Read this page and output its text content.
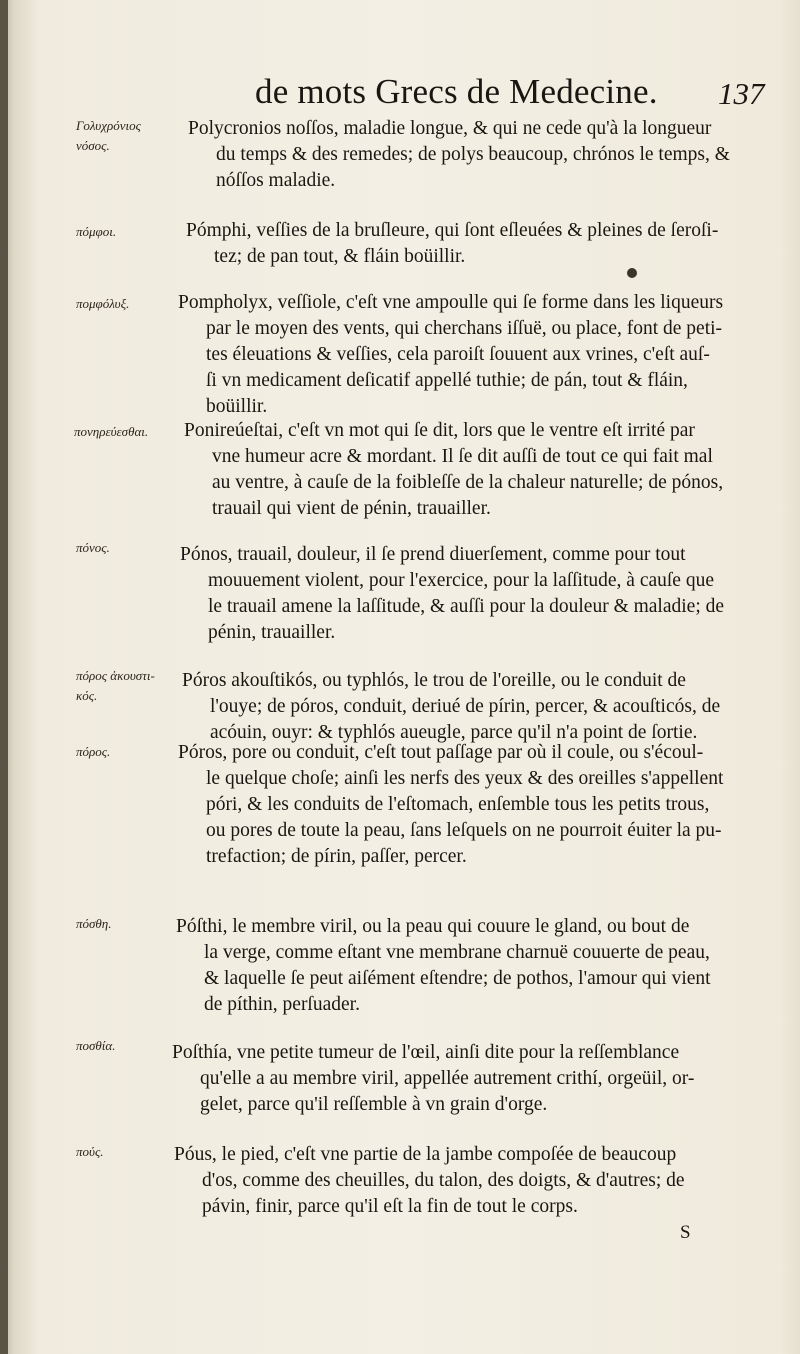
de mots Grecs de Medecine. 137
Γολυχρόνιος
νόσος.
Polycronios noſſos, maladie longue, & qui ne cede qu'à la longueur
du temps & des remedes; de polys beaucoup, chrónos le temps, &
nóſſos maladie.
πόμφοι.	Pómphi, veſſies de la bruſleure, qui ſont eſleuées & pleines de ſeroſi-
tez; de pan tout, & fláin boüillir.
πομφόλυξ. Pompholyx, veſſiole, c'eſt vne ampoulle qui ſe forme dans les liqueurs
par le moyen des vents, qui cherchans iſſuë, ou place, font de peti-
tes éleuations & veſſies, cela paroiſt ſouuent aux vrines, c'eſt auſ-
ſi vn medicament deſicatif appellé tuthie; de pán, tout & fláin,
boüillir.
πονηρεύεσθαι. Ponireúeſtai, c'eſt vn mot qui ſe dit, lors que le ventre eſt irrité par
vne humeur acre & mordant. Il ſe dit auſſi de tout ce qui fait mal
au ventre, à cauſe de la foibleſſe de la chaleur naturelle; de pónos,
trauail qui vient de pénin, trauailler.
πόνος.	Pónos, trauail, douleur, il ſe prend diuerſement, comme pour tout
mouuement violent, pour l'exercice, pour la laſſitude, à cauſe que
le trauail amene la laſſitude, & auſſi pour la douleur & maladie; de
pénin, trauailler.
πόρος ἀκουστι-
κός.
Póros akouſtikós, ou typhlós, le trou de l'oreille, ou le conduit de
l'ouye; de póros, conduit, deriué de pírin, percer, & acouſticós, de
acóuin, ouyr: & typhlós aueugle, parce qu'il n'a point de ſortie.
πόρος.	Póros, pore ou conduit, c'eſt tout paſſage par où il coule, ou s'écoul-
le quelque choſe; ainſi les nerfs des yeux & des oreilles s'appellent
póri, & les conduits de l'eſtomach, enſemble tous les petits trous,
ou pores de toute la peau, ſans leſquels on ne pourroit éuiter la pu-
trefaction; de pírin, paſſer, percer.
πόσθη.	Póſthi, le membre viril, ou la peau qui couure le gland, ou bout de
la verge, comme eſtant vne membrane charnuë couuerte de peau,
& laquelle ſe peut aiſément eſtendre; de pothos, l'amour qui vient
de píthin, perſuader.
ποσθία.	Poſthía, vne petite tumeur de l'œil, ainſi dite pour la reſſemblance
qu'elle a au membre viril, appellée autrement crithí, orgeüil, or-
gelet, parce qu'il reſſemble à vn grain d'orge.
πούς.	Póus, le pied, c'eſt vne partie de la jambe compoſée de beaucoup
d'os, comme des cheuilles, du talon, des doigts, & d'autres; de
pávin, finir, parce qu'il eſt la fin de tout le corps.
S
